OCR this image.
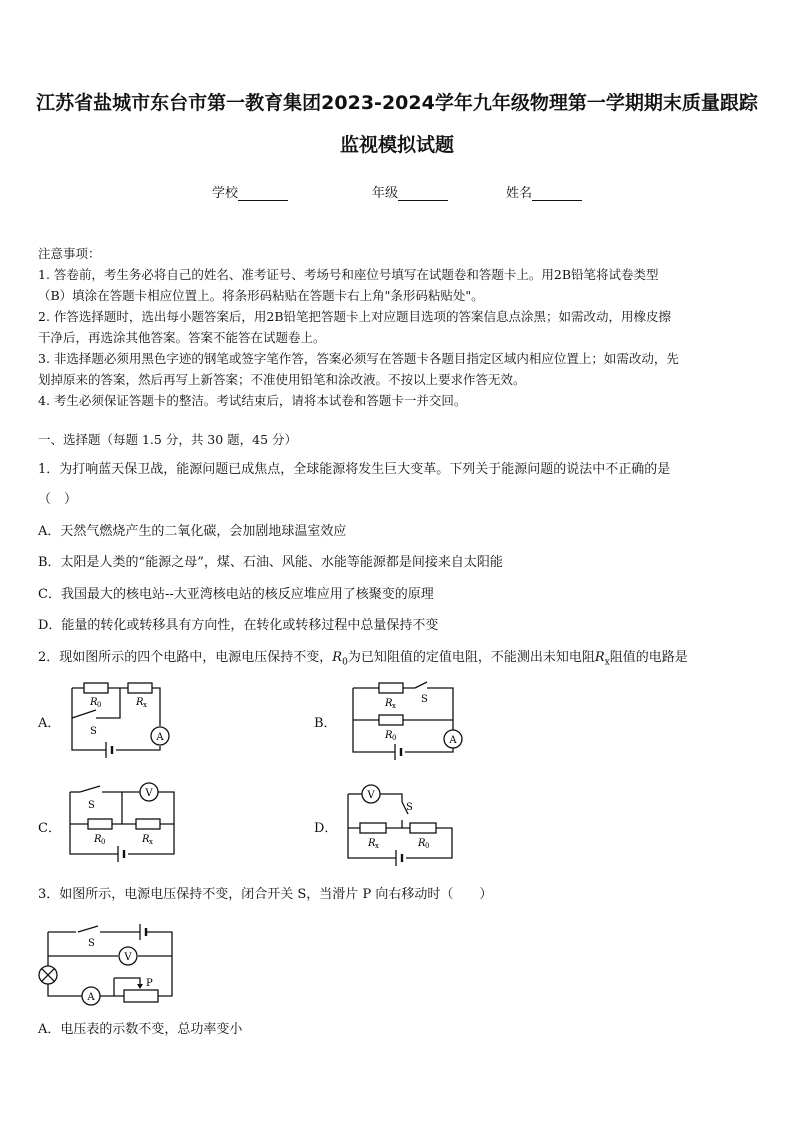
江苏省盐城市东台市第一教育集团2023-2024学年九年级物理第一学期期末质量跟踪
监视模拟试题
学校	年级	姓名

注意事项：

1. 答卷前，考生务必将自己的姓名、准考证号、考场号和座位号填写在试题卷和答题卡上。用2B铅笔将试卷类型

（B）填涂在答题卡相应位置上。将条形码粘贴在答题卡右上角"条形码粘贴处"。

2. 作答选择题时，选出每小题答案后，用2B铅笔把答题卡上对应题目选项的答案信息点涂黑；如需改动，用橡皮擦

干净后，再选涂其他答案。答案不能答在试题卷上。

3. 非选择题必须用黑色字迹的钢笔或签字笔作答，答案必须写在答题卡各题目指定区域内相应位置上；如需改动，先

划掉原来的答案，然后再写上新答案；不准使用铅笔和涂改液。不按以上要求作答无效。

4. 考生必须保证答题卡的整洁。考试结束后，请将本试卷和答题卡一并交回。

一、选择题（每题 1.5 分，共 30 题，45 分）
1．为打响蓝天保卫战，能源问题已成焦点，全球能源将发生巨大变革。下列关于能源问题的说法中不正确的是
（　）
A．天然气燃烧产生的二氧化碳，会加剧地球温室效应
B．太阳是人类的“能源之母”，煤、石油、风能、水能等能源都是间接来自太阳能
C．我国最大的核电站--大亚湾核电站的核反应堆应用了核聚变的原理
D．能量的转化或转移具有方向性，在转化或转移过程中总量保持不变
2．现如图所示的四个电路中，电源电压保持不变，$R_0$为已知阻值的定值电阻，不能测出未知电阻$R_x$阻值的电路是
A．	B．
C．	D．
A
R 0	R x
S
A
R x
R 0
S
V
S
R 0	R x
V
S
R x	R 0
3．如图所示，电源电压保持不变，闭合开关 S，当滑片 P 向右移动时（　　）
V
A
S
P
A．电压表的示数不变，总功率变小
